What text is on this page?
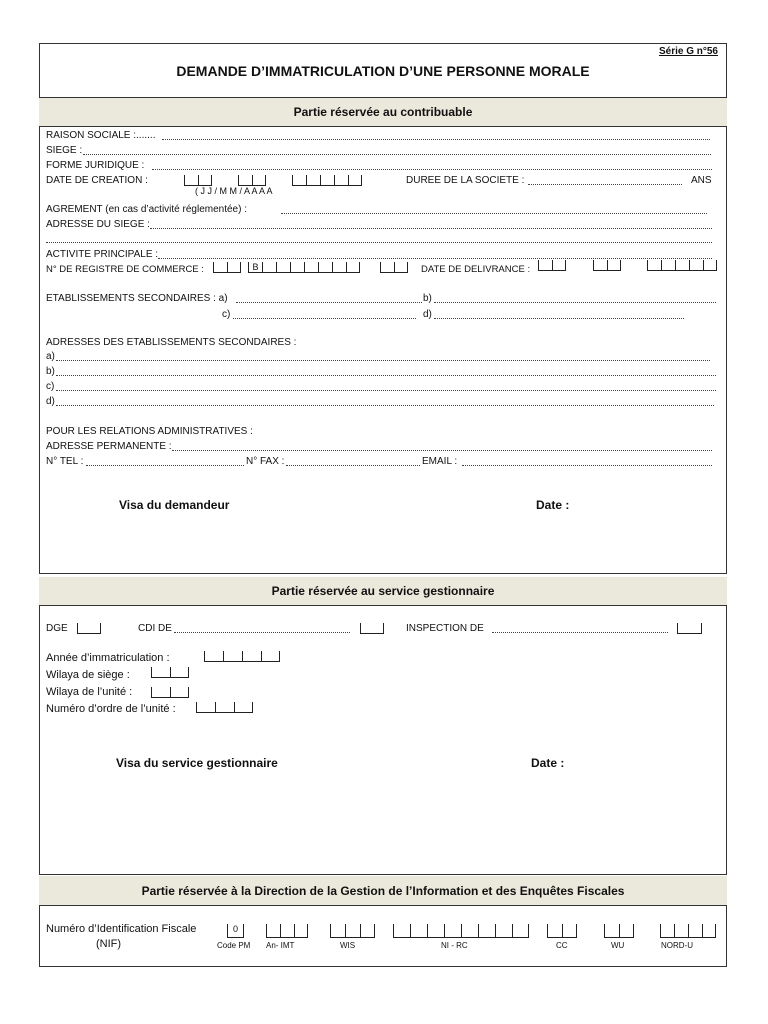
Série G n°56
DEMANDE D’IMMATRICULATION D’UNE PERSONNE MORALE
Partie réservée au contribuable
RAISON SOCIALE :.......
SIEGE :
FORME JURIDIQUE :
DATE DE CREATION :
( J J / M M / A A A A
DUREE DE LA SOCIETE :	ANS
AGREMENT (en cas d’activité réglementée) :
ADRESSE DU SIEGE :
ACTIVITE PRINCIPALE :
N° DE REGISTRE DE COMMERCE :	B	DATE DE DELIVRANCE :
ETABLISSEMENTS SECONDAIRES : a)	b)
c)	d)
ADRESSES DES ETABLISSEMENTS SECONDAIRES :
a)
b)
c)
d)
POUR LES RELATIONS ADMINISTRATIVES :
ADRESSE PERMANENTE :
N° TEL :	N° FAX :	EMAIL :
Visa du demandeur	Date :
Partie réservée au service gestionnaire
DGE	CDI DE	INSPECTION DE
Année d’immatriculation :
Wilaya de siège :
Wilaya de l’unité :
Numéro d’ordre de l’unité :
Visa du service gestionnaire	Date :
Partie réservée à la Direction de la Gestion de l’Information et des Enquêtes Fiscales
Numéro d’Identification Fiscale
(NIF)
0
Code PM An- IMT	WIS	NI - RC	CC	WU	NORD-U
